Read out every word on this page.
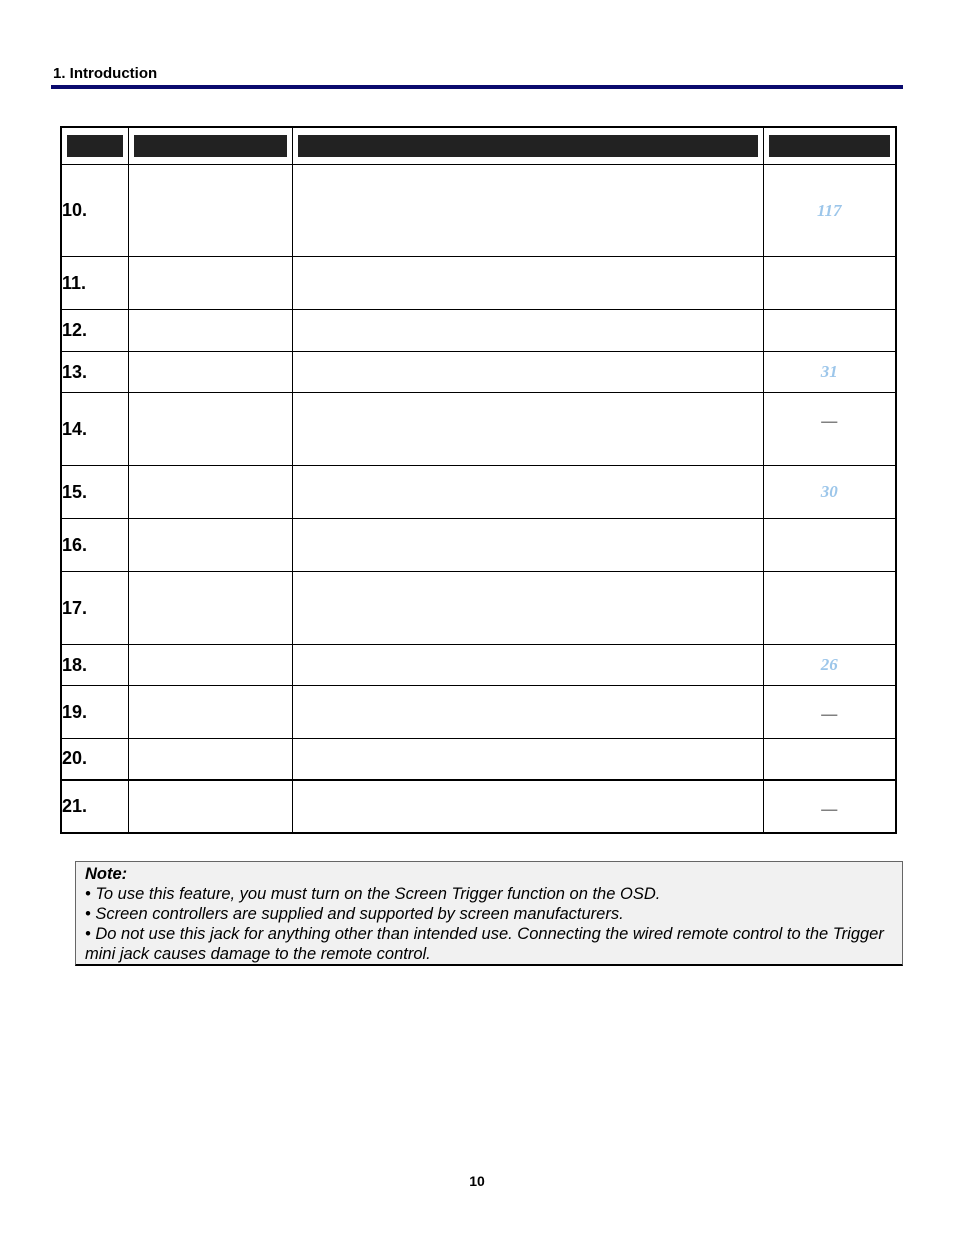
1. Introduction

10.			117
11.			
12.			
13.			31
14.			—
15.			30
16.			
17.			
18.			26
19.			—
20.			
21.			—
Note:
• To use this feature, you must turn on the Screen Trigger function on the OSD.
• Screen controllers are supplied and supported by screen manufacturers.
• Do not use this jack for anything other than intended use. Connecting the wired remote control to the Trigger mini jack causes damage to the remote control.
10
